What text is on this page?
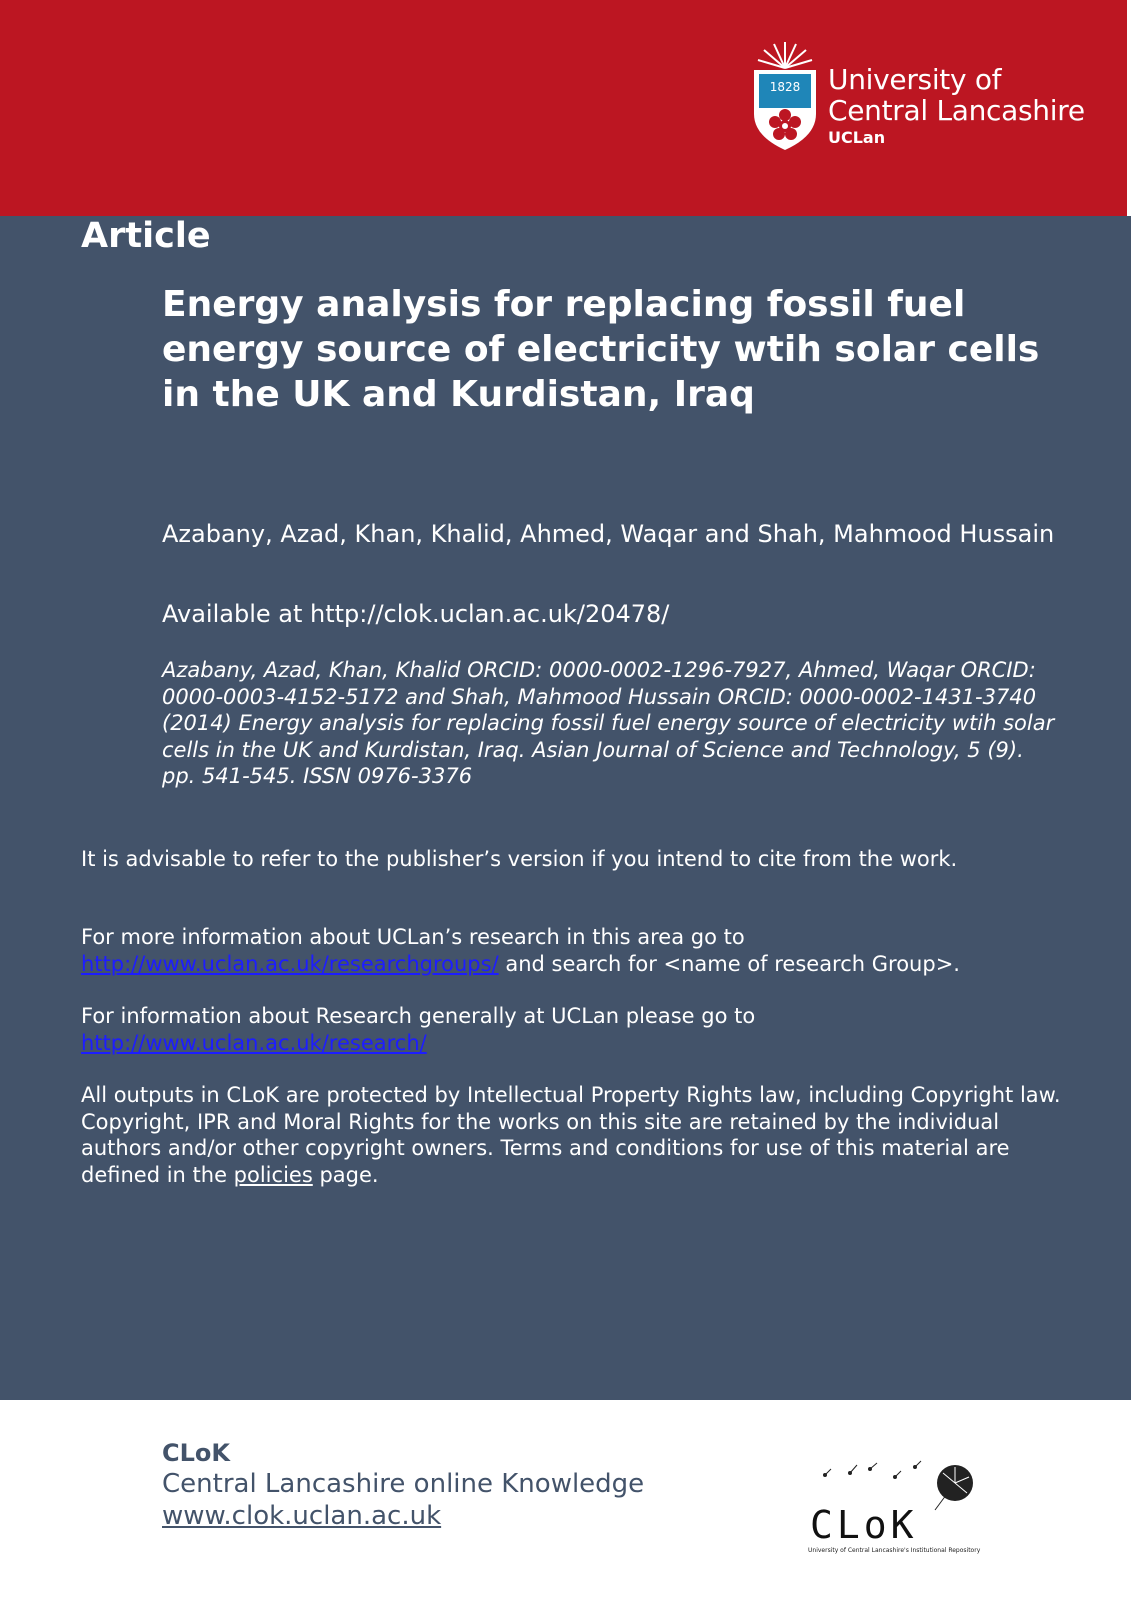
1828 University of
Central Lancashire
UCLan
Article
Energy analysis for replacing fossil fuel energy source of electricity wtih solar cells in the UK and Kurdistan, Iraq
Azabany, Azad, Khan, Khalid, Ahmed, Waqar and Shah, Mahmood Hussain
Available at http://clok.uclan.ac.uk/20478/
Azabany, Azad, Khan, Khalid ORCID: 0000-0002-1296-7927, Ahmed, Waqar ORCID: 0000-0003-4152-5172 and Shah, Mahmood Hussain ORCID: 0000-0002-1431-3740 (2014) Energy analysis for replacing fossil fuel energy source of electricity wtih solar cells in the UK and Kurdistan, Iraq. Asian Journal of Science and Technology, 5 (9). pp. 541-545. ISSN 0976-3376
It is advisable to refer to the publisher’s version if you intend to cite from the work.
For more information about UCLan’s research in this area go to
http://www.uclan.ac.uk/researchgroups/ and search for <name of research Group>.
For information about Research generally at UCLan please go to
http://www.uclan.ac.uk/research/
All outputs in CLoK are protected by Intellectual Property Rights law, including Copyright law. Copyright, IPR and Moral Rights for the works on this site are retained by the individual authors and/or other copyright owners. Terms and conditions for use of this material are defined in the policies page.
CLoK
Central Lancashire online Knowledge
www.clok.uclan.ac.uk	CLoK
University of Central Lancashire's Institutional Repository
